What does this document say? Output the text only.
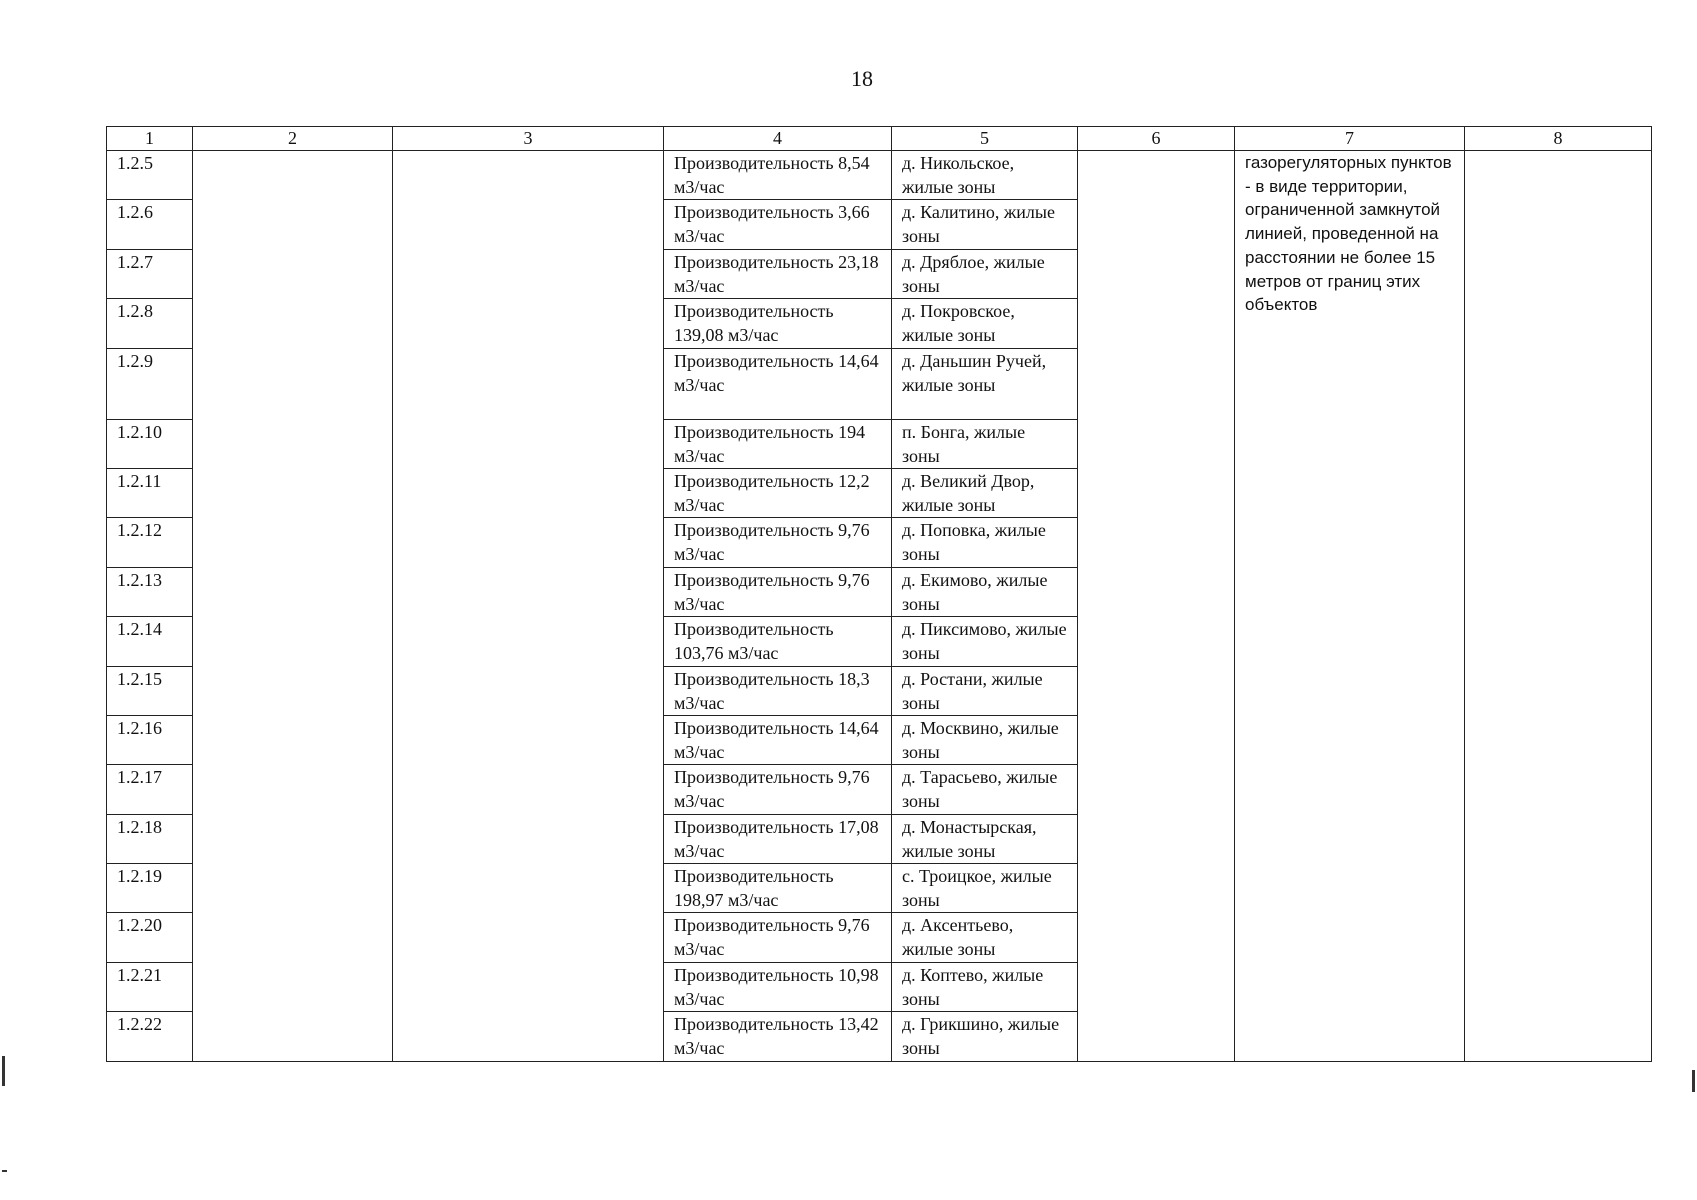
18
1	2	3	4	5	6	7	8
1.2.5			Производительность 8,54 м3/час	д. Никольское, жилые зоны		газорегуляторных пунктов - в виде территории, ограниченной замкнутой линией, проведенной на расстоянии не более 15 метров от границ этих объектов	
1.2.6			Производительность 3,66 м3/час	д. Калитино, жилые зоны			
1.2.7			Производительность 23,18 м3/час	д. Дряблое, жилые зоны			
1.2.8			Производительность 139,08 м3/час	д. Покровское, жилые зоны			
1.2.9			Производительность 14,64 м3/час	д. Даньшин Ручей, жилые зоны			
1.2.10			Производительность 194 м3/час	п. Бонга, жилые зоны			
1.2.11			Производительность 12,2 м3/час	д. Великий Двор, жилые зоны			
1.2.12			Производительность 9,76 м3/час	д. Поповка, жилые зоны			
1.2.13			Производительность 9,76 м3/час	д. Екимово, жилые зоны			
1.2.14			Производительность 103,76 м3/час	д. Пиксимово, жилые зоны			
1.2.15			Производительность 18,3 м3/час	д. Ростани, жилые зоны			
1.2.16			Производительность 14,64 м3/час	д. Москвино, жилые зоны			
1.2.17			Производительность 9,76 м3/час	д. Тарасьево, жилые зоны			
1.2.18			Производительность 17,08 м3/час	д. Монастырская, жилые зоны			
1.2.19			Производительность 198,97 м3/час	с. Троицкое, жилые зоны			
1.2.20			Производительность 9,76 м3/час	д. Аксентьево, жилые зоны			
1.2.21			Производительность 10,98 м3/час	д. Коптево, жилые зоны			
1.2.22			Производительность 13,42 м3/час	д. Грикшино, жилые зоны			
